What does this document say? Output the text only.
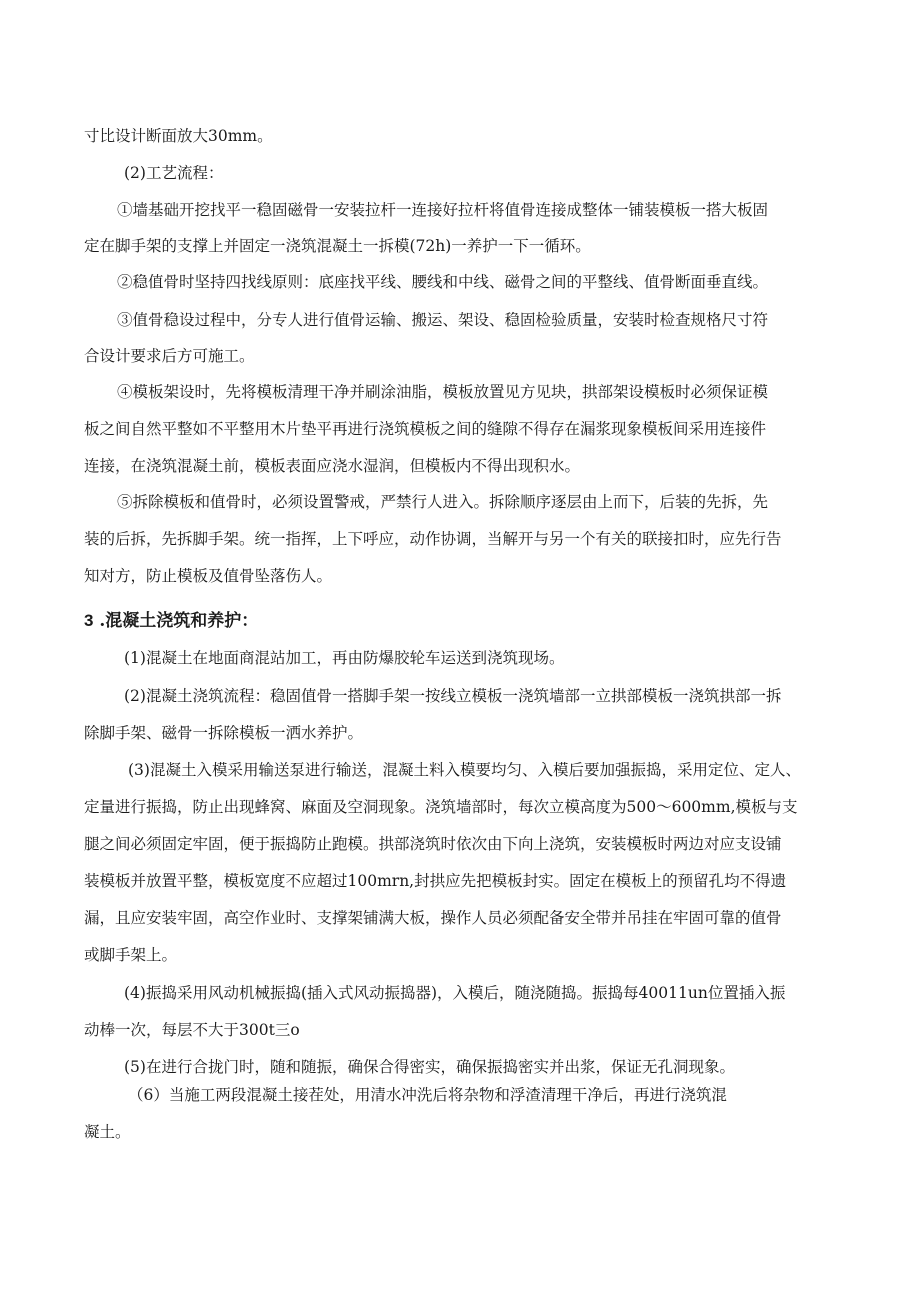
寸比设计断面放大30mm。
(2)工艺流程：
①墙基础开挖找平一稳固磁骨一安装拉杆一连接好拉杆将值骨连接成整体一铺装模板一搭大板固
定在脚手架的支撑上并固定一浇筑混凝土一拆模(72h)一养护一下一循环。
②稳值骨时坚持四找线原则：底座找平线、腰线和中线、磁骨之间的平整线、值骨断面垂直线。
③值骨稳设过程中，分专人进行值骨运输、搬运、架设、稳固检验质量，安装时检查规格尺寸符
合设计要求后方可施工。
④模板架设时，先将模板清理干净并刷涂油脂，模板放置见方见块，拱部架设模板时必须保证模
板之间自然平整如不平整用木片垫平再进行浇筑模板之间的缝隙不得存在漏浆现象模板间采用连接件
连接，在浇筑混凝土前，模板表面应浇水湿润，但模板内不得出现积水。
⑤拆除模板和值骨时，必须设置警戒，严禁行人进入。拆除顺序逐层由上而下，后装的先拆，先
装的后拆，先拆脚手架。统一指挥，上下呼应，动作协调，当解开与另一个有关的联接扣时，应先行告
知对方，防止模板及值骨坠落伤人。
3 .混凝土浇筑和养护：
(1)混凝土在地面商混站加工，再由防爆胶轮车运送到浇筑现场。
(2)混凝土浇筑流程：稳固值骨一搭脚手架一按线立模板一浇筑墙部一立拱部模板一浇筑拱部一拆
除脚手架、磁骨一拆除模板一洒水养护。
(3)混凝土入模采用输送泵进行输送，混凝土料入模要均匀、入模后要加强振捣，采用定位、定人、
定量进行振捣，防止出现蜂窝、麻面及空洞现象。浇筑墙部时，每次立模高度为500～600mm,模板与支
腿之间必须固定牢固，便于振捣防止跑模。拱部浇筑时依次由下向上浇筑，安装模板时两边对应支设铺
装模板并放置平整，模板宽度不应超过100mrn,封拱应先把模板封实。固定在模板上的预留孔均不得遗
漏，且应安装牢固，高空作业时、支撑架铺满大板，操作人员必须配备安全带并吊挂在牢固可靠的值骨
或脚手架上。
(4)振捣采用风动机械振捣(插入式风动振捣器)，入模后，随浇随捣。振捣每40011un位置插入振
动棒一次，每层不大于300t三o
(5)在进行合拢门时，随和随振，确保合得密实，确保振捣密实并出浆，保证无孔洞现象。
（6）当施工两段混凝土接茬处，用清水冲洗后将杂物和浮渣清理干净后，再进行浇筑混
凝土。
